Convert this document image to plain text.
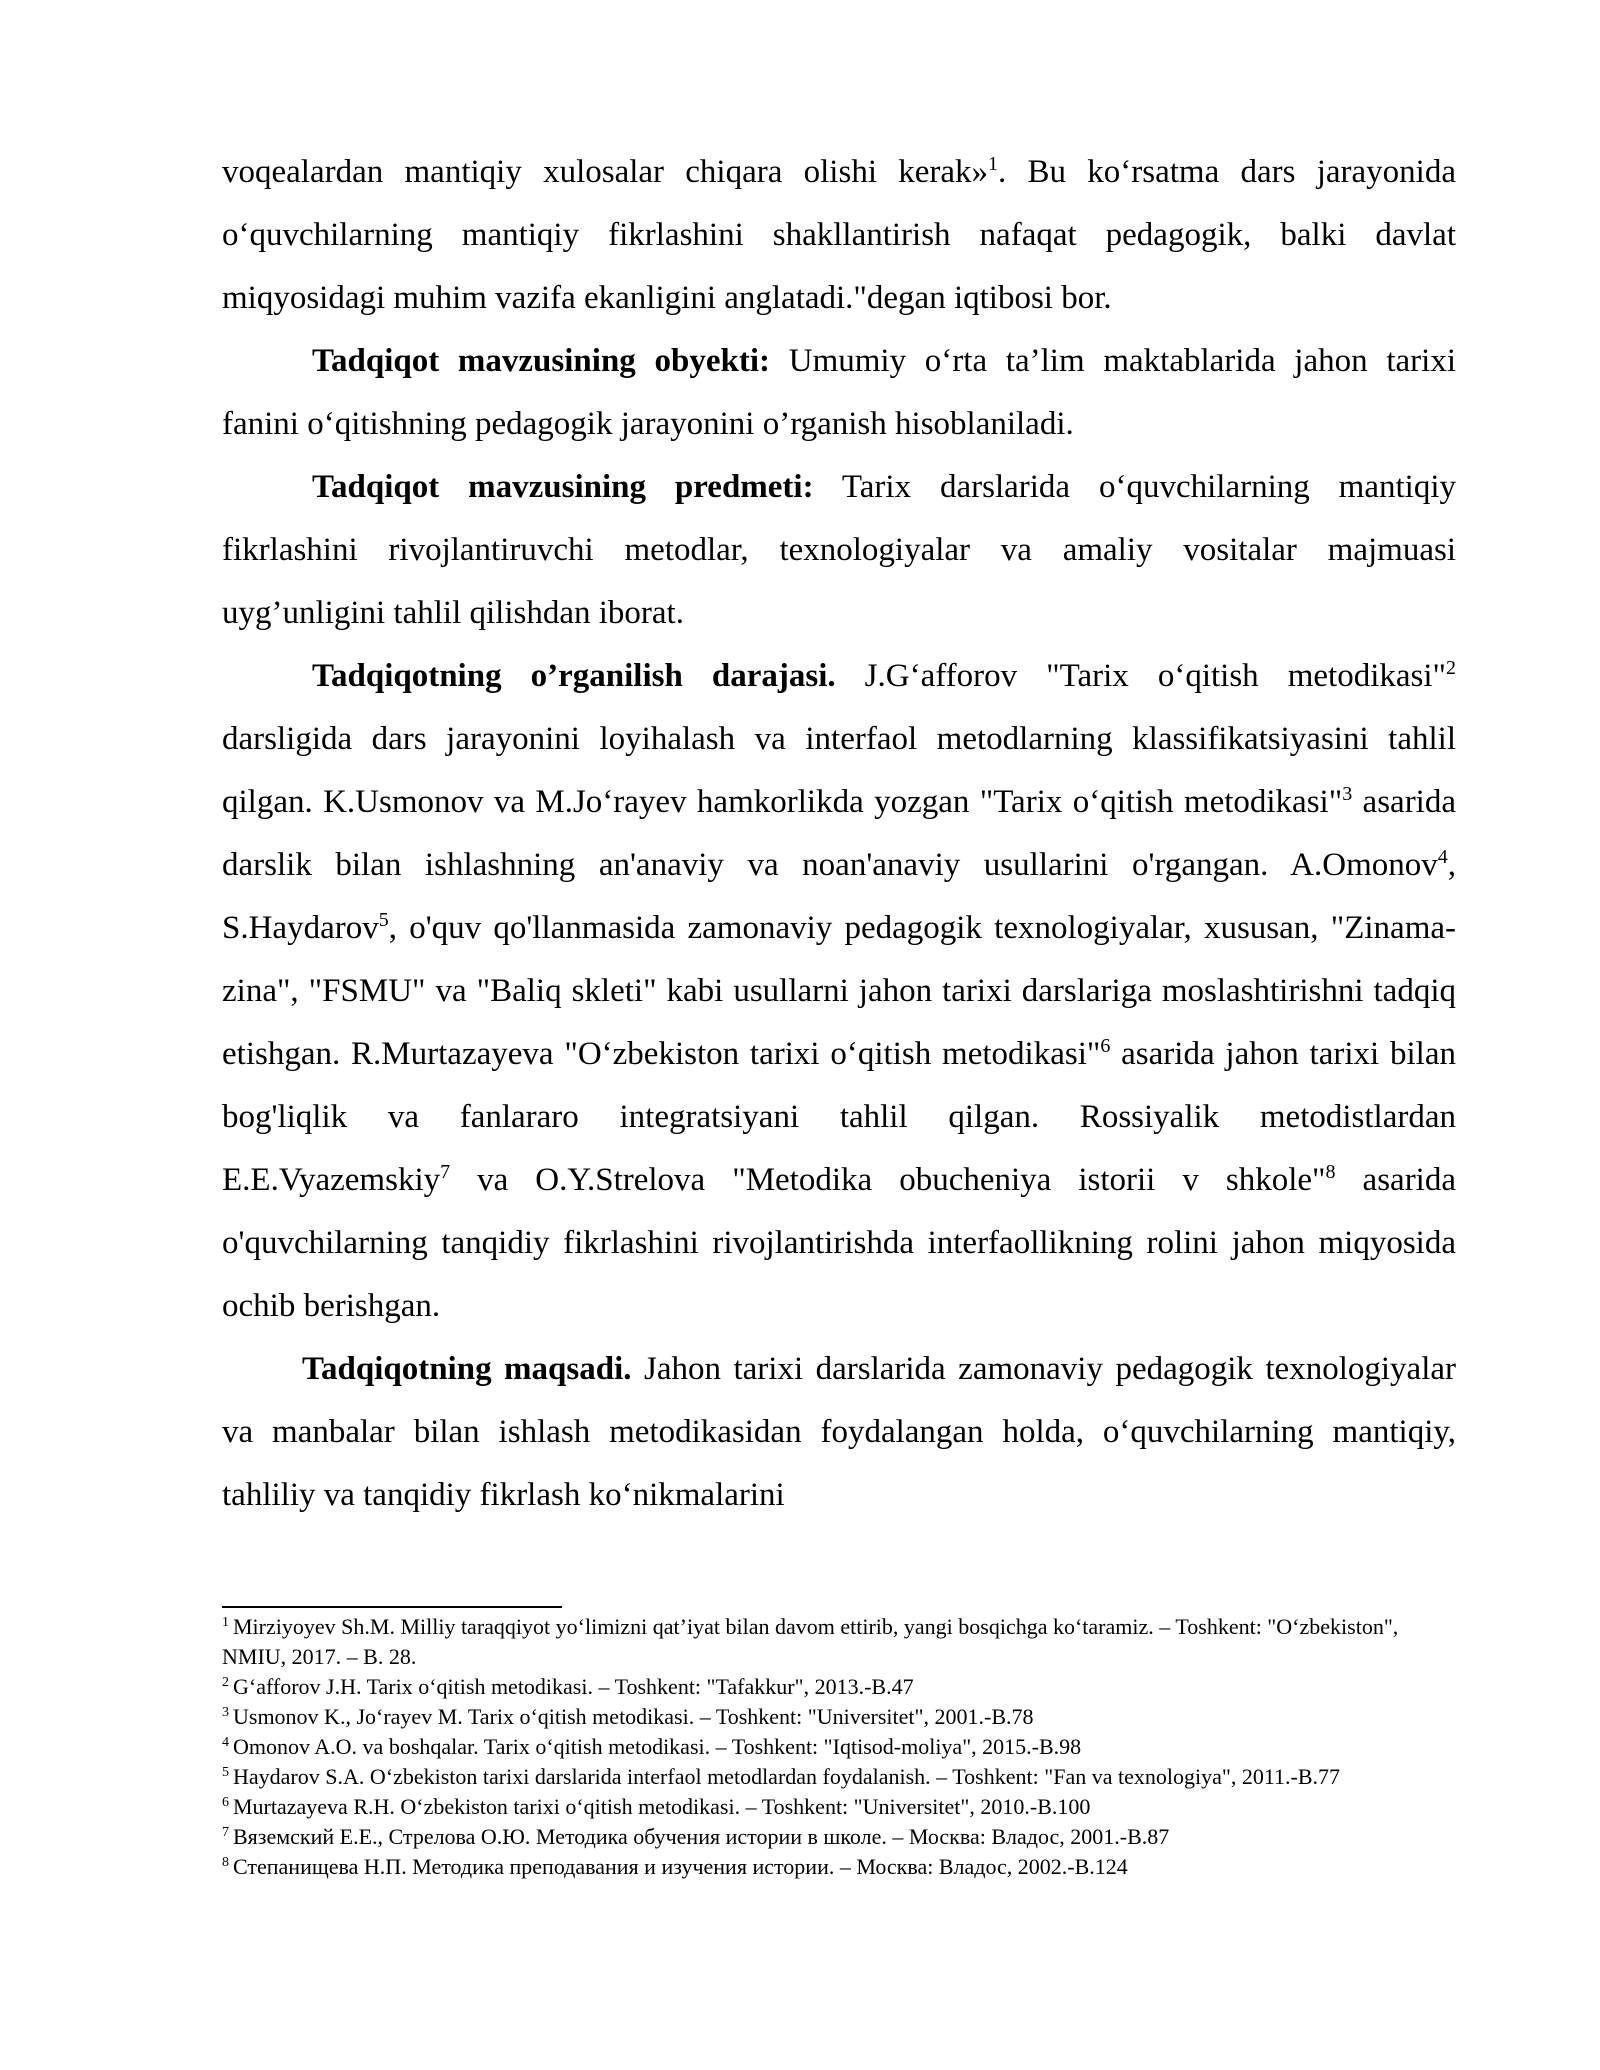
voqealardan mantiqiy xulosalar chiqara olishi kerak»$^1$. Bu ko‘rsatma dars jarayonida o‘quvchilarning mantiqiy fikrlashini shakllantirish nafaqat pedagogik, balki davlat miqyosidagi muhim vazifa ekanligini anglatadi."degan iqtibosi bor.

Tadqiqot mavzusining obyekti: Umumiy o‘rta ta’lim maktablarida jahon tarixi fanini o‘qitishning pedagogik jarayonini o’rganish hisoblaniladi.

Tadqiqot mavzusining predmeti: Tarix darslarida o‘quvchilarning mantiqiy fikrlashini rivojlantiruvchi metodlar, texnologiyalar va amaliy vositalar majmuasi uyg’unligini tahlil qilishdan iborat.

Tadqiqotning o’rganilish darajasi. J.G‘afforov "Tarix o‘qitish metodikasi"$^2$ darsligida dars jarayonini loyihalash va interfaol metodlarning klassifikatsiyasini tahlil qilgan. K.Usmonov va M.Jo‘rayev hamkorlikda yozgan "Tarix o‘qitish metodikasi"$^3$ asarida darslik bilan ishlashning an'anaviy va noan'anaviy usullarini o'rgangan. A.Omonov$^4$, S.Haydarov$^5$, o'quv qo'llanmasida zamonaviy pedagogik texnologiyalar, xususan, "Zinama-zina", "FSMU" va "Baliq skleti" kabi usullarni jahon tarixi darslariga moslashtirishni tadqiq etishgan. R.Murtazayeva "O‘zbekiston tarixi o‘qitish metodikasi"$^6$ asarida jahon tarixi bilan bog'liqlik va fanlararo integratsiyani tahlil qilgan. Rossiyalik metodistlardan E.E.Vyazemskiy$^7$ va O.Y.Strelova "Metodika obucheniya istorii v shkole"$^8$ asarida o'quvchilarning tanqidiy fikrlashini rivojlantirishda interfaollikning rolini jahon miqyosida ochib berishgan.

Tadqiqotning maqsadi. Jahon tarixi darslarida zamonaviy pedagogik texnologiyalar va manbalar bilan ishlash metodikasidan foydalangan holda, o‘quvchilarning mantiqiy, tahliliy va tanqidiy fikrlash ko‘nikmalarini

$^1$ Mirziyoyev Sh.M. Milliy taraqqiyot yo‘limizni qat’iyat bilan davom ettirib, yangi bosqichga ko‘taramiz. – Toshkent: "O‘zbekiston", NMIU, 2017. – B. 28.

$^2$ G‘afforov J.H. Tarix o‘qitish metodikasi. – Toshkent: "Tafakkur", 2013.-B.47

$^3$ Usmonov K., Jo‘rayev M. Tarix o‘qitish metodikasi. – Toshkent: "Universitet", 2001.-B.78

$^4$ Omonov A.O. va boshqalar. Tarix o‘qitish metodikasi. – Toshkent: "Iqtisod-moliya", 2015.-B.98

$^5$ Haydarov S.A. O‘zbekiston tarixi darslarida interfaol metodlardan foydalanish. – Toshkent: "Fan va texnologiya", 2011.-B.77

$^6$ Murtazayeva R.H. O‘zbekiston tarixi o‘qitish metodikasi. – Toshkent: "Universitet", 2010.-B.100

$^7$ Вяземский Е.Е., Стрелова О.Ю. Методика обучения истории в школе. – Москва: Владос, 2001.-B.87

$^8$ Степанищева Н.П. Методика преподавания и изучения истории. – Москва: Владос, 2002.-B.124
